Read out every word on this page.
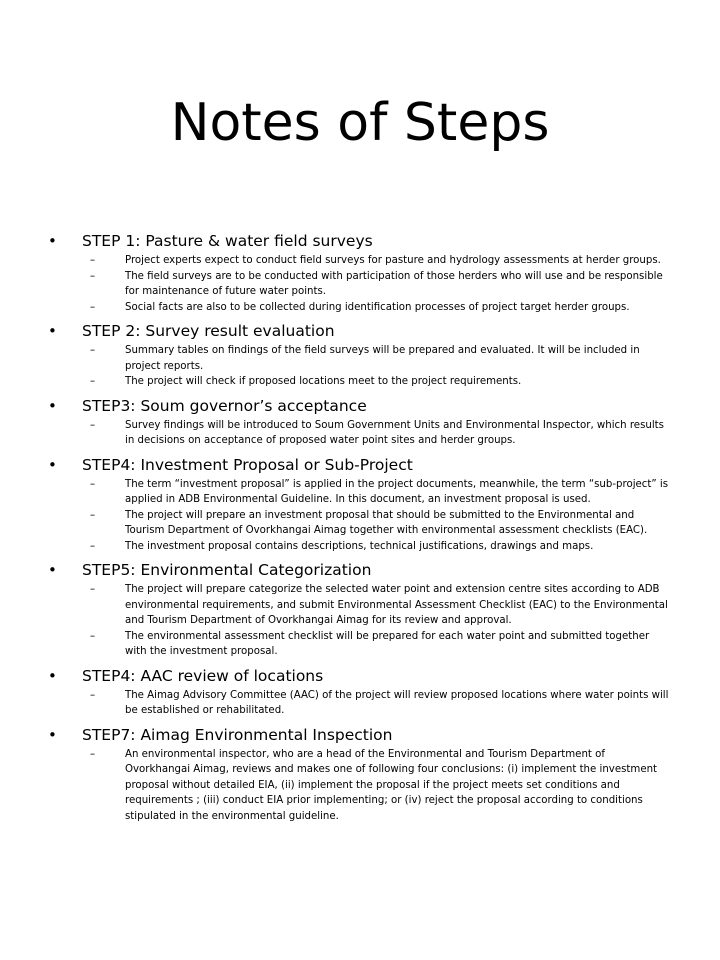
Notes of Steps
• STEP 1: Pasture & water field surveys
–	Project experts expect to conduct field surveys for pasture and hydrology assessments at herder groups.
–	The field surveys are to be conducted with participation of those herders who will use and be responsible for maintenance of future water points.
–	Social facts are also to be collected during identification processes of project target herder groups.
• STEP 2: Survey result evaluation
–	Summary tables on findings of the field surveys will be prepared and evaluated. It will be included in project reports.
–	The project will check if proposed locations meet to the project requirements.
• STEP3: Soum governor’s acceptance
–	Survey findings will be introduced to Soum Government Units and Environmental Inspector, which results in decisions on acceptance of proposed water point sites and herder groups.
• STEP4: Investment Proposal or Sub-Project
–	The term “investment proposal” is applied in the project documents, meanwhile, the term “sub-project” is applied in ADB Environmental Guideline. In this document, an investment proposal is used.
–	The project will prepare an investment proposal that should be submitted to the Environmental and Tourism Department of Ovorkhangai Aimag together with environmental assessment checklists (EAC).
–	The investment proposal contains descriptions, technical justifications, drawings and maps.
• STEP5: Environmental Categorization
–	The project will prepare categorize the selected water point and extension centre sites according to ADB environmental requirements, and submit Environmental Assessment Checklist (EAC) to the Environmental and Tourism Department of Ovorkhangai Aimag for its review and approval.
–	The environmental assessment checklist will be prepared for each water point and submitted together with the investment proposal.
• STEP4: AAC review of locations
–	The Aimag Advisory Committee (AAC) of the project will review proposed locations where water points will be established or rehabilitated.
• STEP7: Aimag Environmental Inspection
–	An environmental inspector, who are a head of the Environmental and Tourism Department of Ovorkhangai Aimag, reviews and makes one of following four conclusions: (i) implement the investment proposal without detailed EIA, (ii) implement the proposal if the project meets set conditions and requirements ; (iii) conduct EIA prior implementing; or (iv) reject the proposal according to conditions stipulated in the environmental guideline.
